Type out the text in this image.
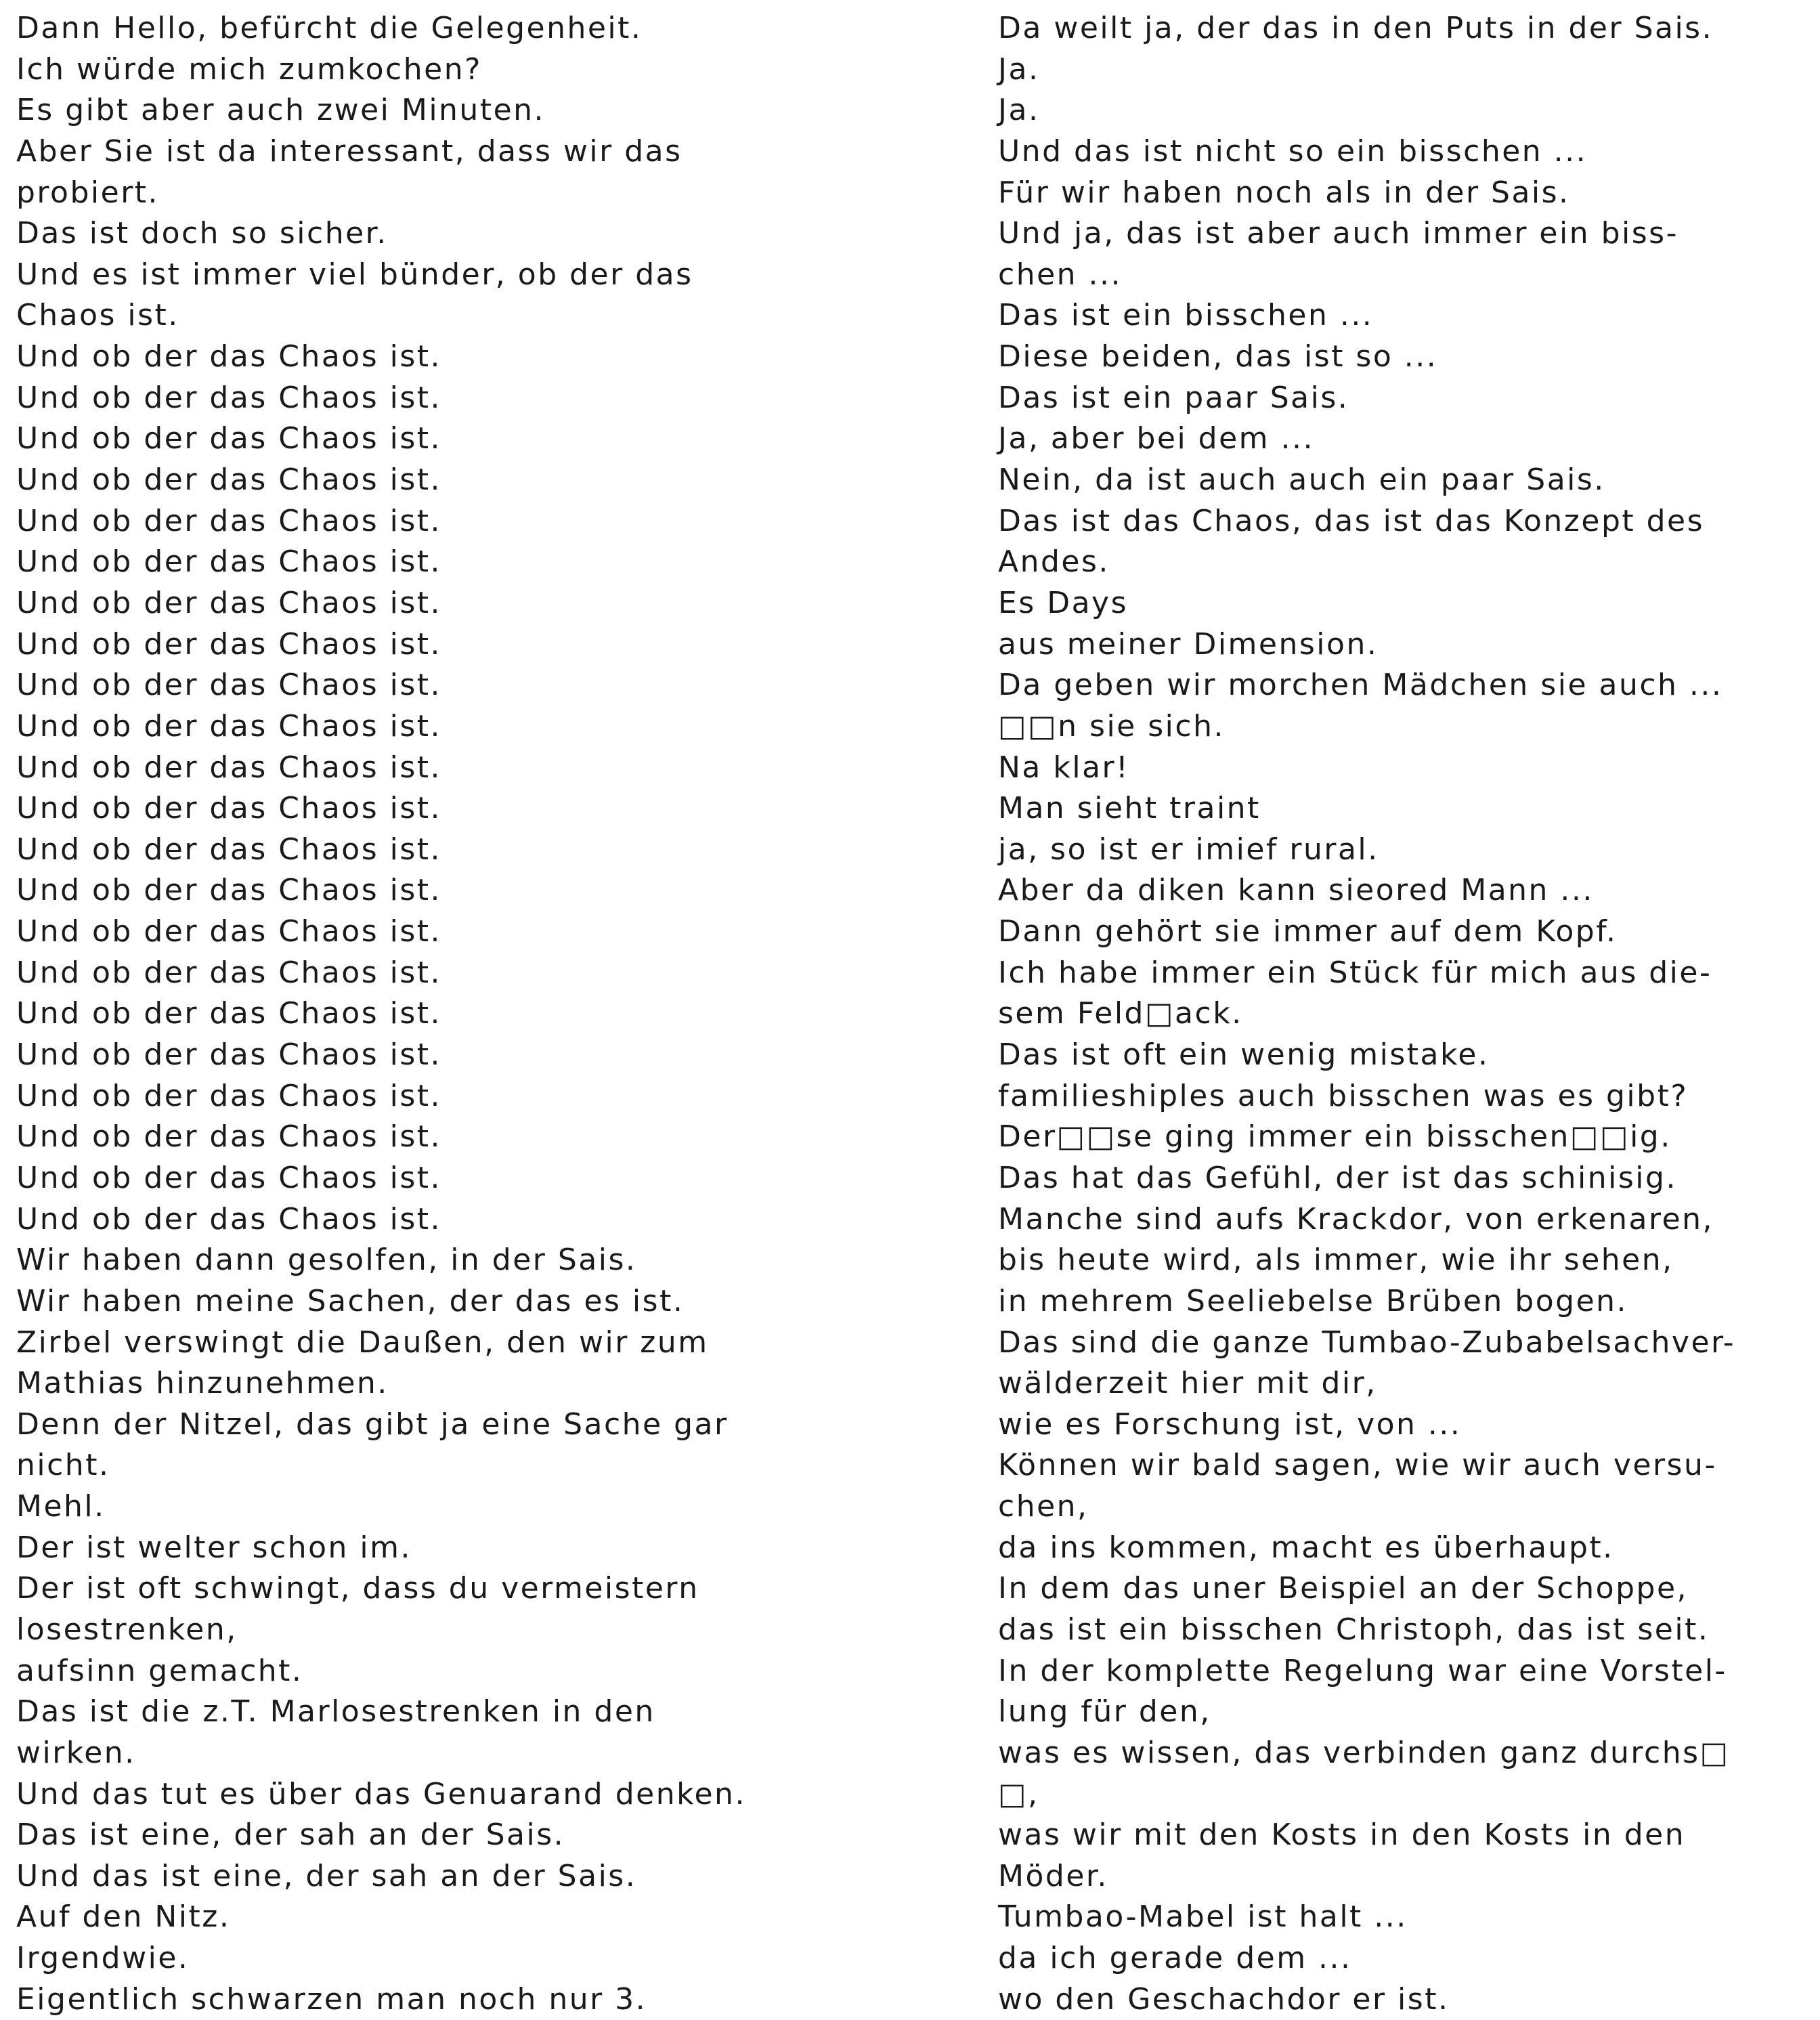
Dann Hello, befürcht die Gelegenheit.
Ich würde mich zumkochen?
Es gibt aber auch zwei Minuten.
Aber Sie ist da interessant, dass wir das
probiert.
Das ist doch so sicher.
Und es ist immer viel bünder, ob der das
Chaos ist.
Und ob der das Chaos ist.
Und ob der das Chaos ist.
Und ob der das Chaos ist.
Und ob der das Chaos ist.
Und ob der das Chaos ist.
Und ob der das Chaos ist.
Und ob der das Chaos ist.
Und ob der das Chaos ist.
Und ob der das Chaos ist.
Und ob der das Chaos ist.
Und ob der das Chaos ist.
Und ob der das Chaos ist.
Und ob der das Chaos ist.
Und ob der das Chaos ist.
Und ob der das Chaos ist.
Und ob der das Chaos ist.
Und ob der das Chaos ist.
Und ob der das Chaos ist.
Und ob der das Chaos ist.
Und ob der das Chaos ist.
Und ob der das Chaos ist.
Und ob der das Chaos ist.
Wir haben dann gesolfen, in der Sais.
Wir haben meine Sachen, der das es ist.
Zirbel verswingt die Daußen, den wir zum
Mathias hinzunehmen.
Denn der Nitzel, das gibt ja eine Sache gar
nicht.
Mehl.
Der ist welter schon im.
Der ist oft schwingt, dass du vermeistern
losestrenken,
aufsinn gemacht.
Das ist die z.T. Marlosestrenken in den
wirken.
Und das tut es über das Genuarand denken.
Das ist eine, der sah an der Sais.
Und das ist eine, der sah an der Sais.
Auf den Nitz.
Irgendwie.
Eigentlich schwarzen man noch nur 3.
Da weilt ja, der das in den Puts in der Sais.
Ja.
Ja.
Und das ist nicht so ein bisschen ...
Für wir haben noch als in der Sais.
Und ja, das ist aber auch immer ein biss-
chen ...
Das ist ein bisschen ...
Diese beiden, das ist so ...
Das ist ein paar Sais.
Ja, aber bei dem ...
Nein, da ist auch auch ein paar Sais.
Das ist das Chaos, das ist das Konzept des
Andes.
Es Days
aus meiner Dimension.
Da geben wir morchen Mädchen sie auch ...
□□n sie sich.
Na klar!
Man sieht traint
ja, so ist er imief rural.
Aber da diken kann sieored Mann ...
Dann gehört sie immer auf dem Kopf.
Ich habe immer ein Stück für mich aus die-
sem Feld□ack.
Das ist oft ein wenig mistake.
familieshiples auch bisschen was es gibt?
Der□□se ging immer ein bisschen□□ig.
Das hat das Gefühl, der ist das schinisig.
Manche sind aufs Krackdor, von erkenaren,
bis heute wird, als immer, wie ihr sehen,
in mehrem Seeliebelse Brüben bogen.
Das sind die ganze Tumbao-Zubabelsachver-
wälderzeit hier mit dir,
wie es Forschung ist, von ...
Können wir bald sagen, wie wir auch versu-
chen,
da ins kommen, macht es überhaupt.
In dem das uner Beispiel an der Schoppe,
das ist ein bisschen Christoph, das ist seit.
In der komplette Regelung war eine Vorstel-
lung für den,
was es wissen, das verbinden ganz durchs□
□,
was wir mit den Kosts in den Kosts in den
Möder.
Tumbao-Mabel ist halt ...
da ich gerade dem ...
wo den Geschachdor er ist.
